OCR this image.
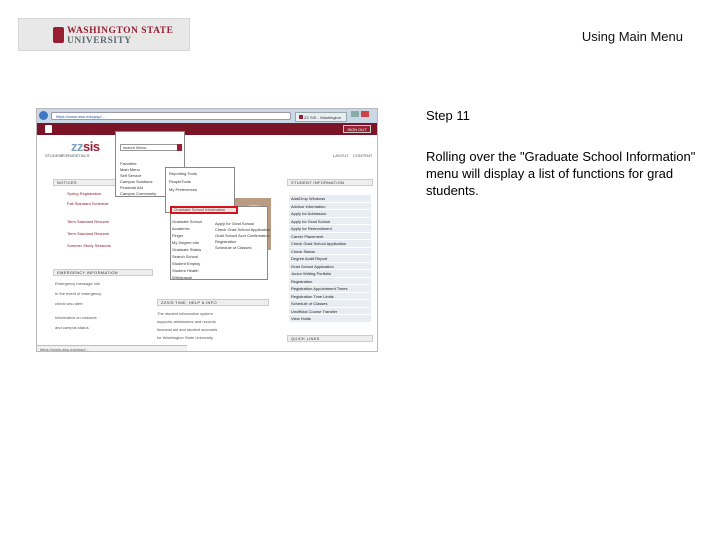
WASHINGTON STATE
UNIVERSITY	Using Main Menu
Step 11
Rolling over the "Graduate School Information" menu will display a list of functions for grad students.
https://zzsis.wsu.edu/psp/...	ZZ SIS - Washington
SIGN OUT
zzsis
STUDENT
FORM DETAILS	LAYOUT CONTENT
NOTICES
Spring Registration
Fall Standard Schedule
Term Standard Resume
Term Standard Resume
Summer Study Sessions
EMERGENCY INFORMATION
Emergency message info
In the event of emergency
check wsu alert
Information on closures
and campus status
ZZSIS TIME, HELP & INFO
The student information system
supports admissions and records
financial aid and student accounts
for Washington State University
search Menu:
Favorites
Main Menu
Self Service
Campus Solutions
Financial Aid
Campus Community
Reporting Tools
PeopleTools
My Preferences
Graduate School Information
Graduate School
Academic
Finger
My Degree info
Graduate Status
Search School
Student Employ
Student Health
Withdrawal
Apply for Grad School
Check Grad School Application
Grad School Acct Confirmation
Registration
Schedule of Classes
STUDENT INFORMATION
Add/Drop Windows
Advisor Information
Apply for Admission
Apply for Grad School
Apply for Reenrollment
Career Placement
Check Grad School Application
Check Status
Degree Audit Report
Grad School Application
Junior Writing Portfolio
Registration
Registration Appointment Times
Registration Time Limits
Schedule of Classes
Unofficial Course Transfer
View Holds
QUICK LINKS
https://zzsis.wsu.edu/psp/...
